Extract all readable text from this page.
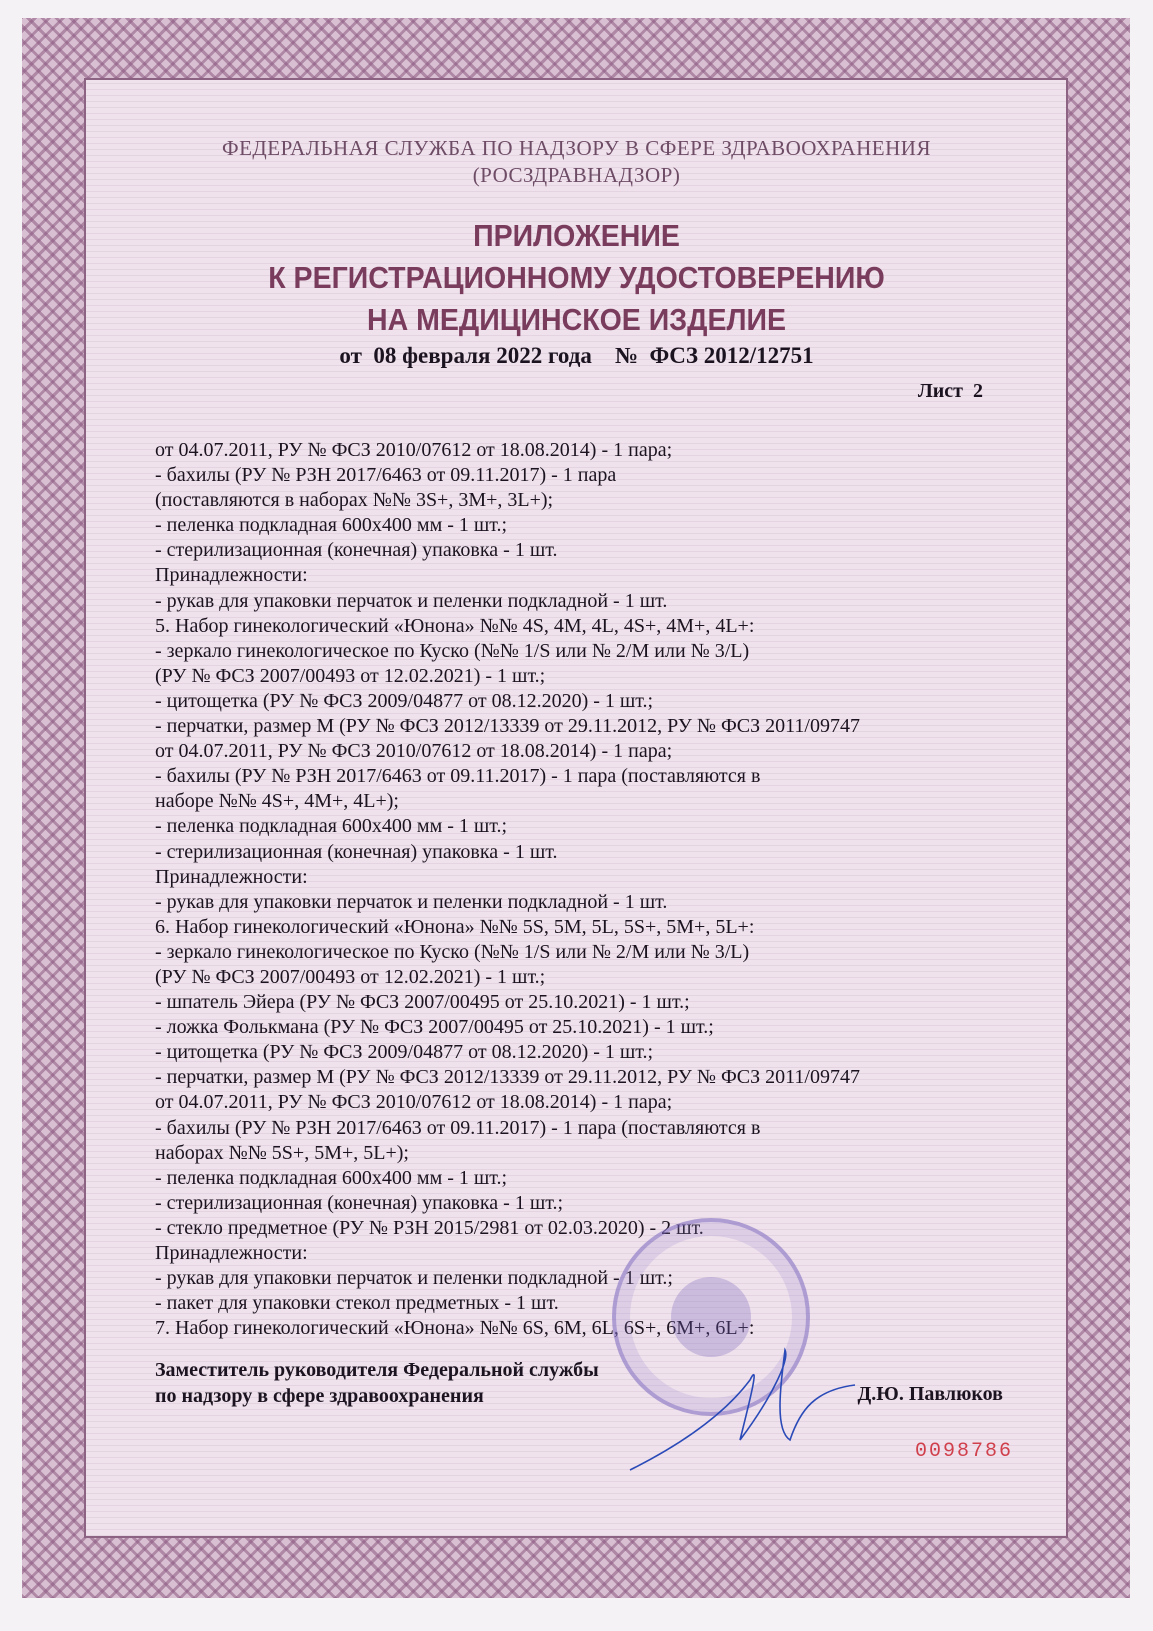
ФЕДЕРАЛЬНАЯ СЛУЖБА ПО НАДЗОРУ В СФЕРЕ ЗДРАВООХРАНЕНИЯ
(РОСЗДРАВНАДЗОР)
ПРИЛОЖЕНИЕ
К РЕГИСТРАЦИОННОМУ УДОСТОВЕРЕНИЮ
НА МЕДИЦИНСКОЕ ИЗДЕЛИЕ
от  08 февраля 2022 года    №  ФСЗ 2012/12751
Лист  2
от 04.07.2011, РУ № ФСЗ 2010/07612 от 18.08.2014) - 1 пара;
- бахилы (РУ № РЗН 2017/6463 от 09.11.2017) - 1 пара
(поставляются в наборах №№ 3S+, 3M+, 3L+);
- пеленка подкладная 600х400 мм - 1 шт.;
- стерилизационная (конечная) упаковка - 1 шт.
Принадлежности:
- рукав для упаковки перчаток и пеленки подкладной - 1 шт.
5. Набор гинекологический «Юнона» №№ 4S, 4M, 4L, 4S+, 4M+, 4L+:
- зеркало гинекологическое по Куско (№№ 1/S или № 2/M или № 3/L)
(РУ № ФСЗ 2007/00493 от 12.02.2021) - 1 шт.;
- цитощетка (РУ № ФСЗ 2009/04877 от 08.12.2020) - 1 шт.;
- перчатки, размер М (РУ № ФСЗ 2012/13339 от 29.11.2012, РУ № ФСЗ 2011/09747
от 04.07.2011, РУ № ФСЗ 2010/07612 от 18.08.2014) - 1 пара;
- бахилы (РУ № РЗН 2017/6463 от 09.11.2017) - 1 пара (поставляются в
наборе №№ 4S+, 4M+, 4L+);
- пеленка подкладная 600х400 мм - 1 шт.;
- стерилизационная (конечная) упаковка - 1 шт.
Принадлежности:
- рукав для упаковки перчаток и пеленки подкладной - 1 шт.
6. Набор гинекологический «Юнона» №№ 5S, 5M, 5L, 5S+, 5M+, 5L+:
- зеркало гинекологическое по Куско (№№ 1/S или № 2/M или № 3/L)
(РУ № ФСЗ 2007/00493 от 12.02.2021) - 1 шт.;
- шпатель Эйера (РУ № ФСЗ 2007/00495 от 25.10.2021) - 1 шт.;
- ложка Фолькмана (РУ № ФСЗ 2007/00495 от 25.10.2021) - 1 шт.;
- цитощетка (РУ № ФСЗ 2009/04877 от 08.12.2020) - 1 шт.;
- перчатки, размер М (РУ № ФСЗ 2012/13339 от 29.11.2012, РУ № ФСЗ 2011/09747
от 04.07.2011, РУ № ФСЗ 2010/07612 от 18.08.2014) - 1 пара;
- бахилы (РУ № РЗН 2017/6463 от 09.11.2017) - 1 пара (поставляются в
наборах №№ 5S+, 5M+, 5L+);
- пеленка подкладная 600х400 мм - 1 шт.;
- стерилизационная (конечная) упаковка - 1 шт.;
- стекло предметное (РУ № РЗН 2015/2981 от 02.03.2020) - 2 шт.
Принадлежности:
- рукав для упаковки перчаток и пеленки подкладной - 1 шт.;
- пакет для упаковки стекол предметных - 1 шт.
7. Набор гинекологический «Юнона» №№ 6S, 6M, 6L, 6S+, 6M+, 6L+:
Заместитель руководителя Федеральной службы
по надзору в сфере здравоохранения	Д.Ю. Павлюков
0098786
